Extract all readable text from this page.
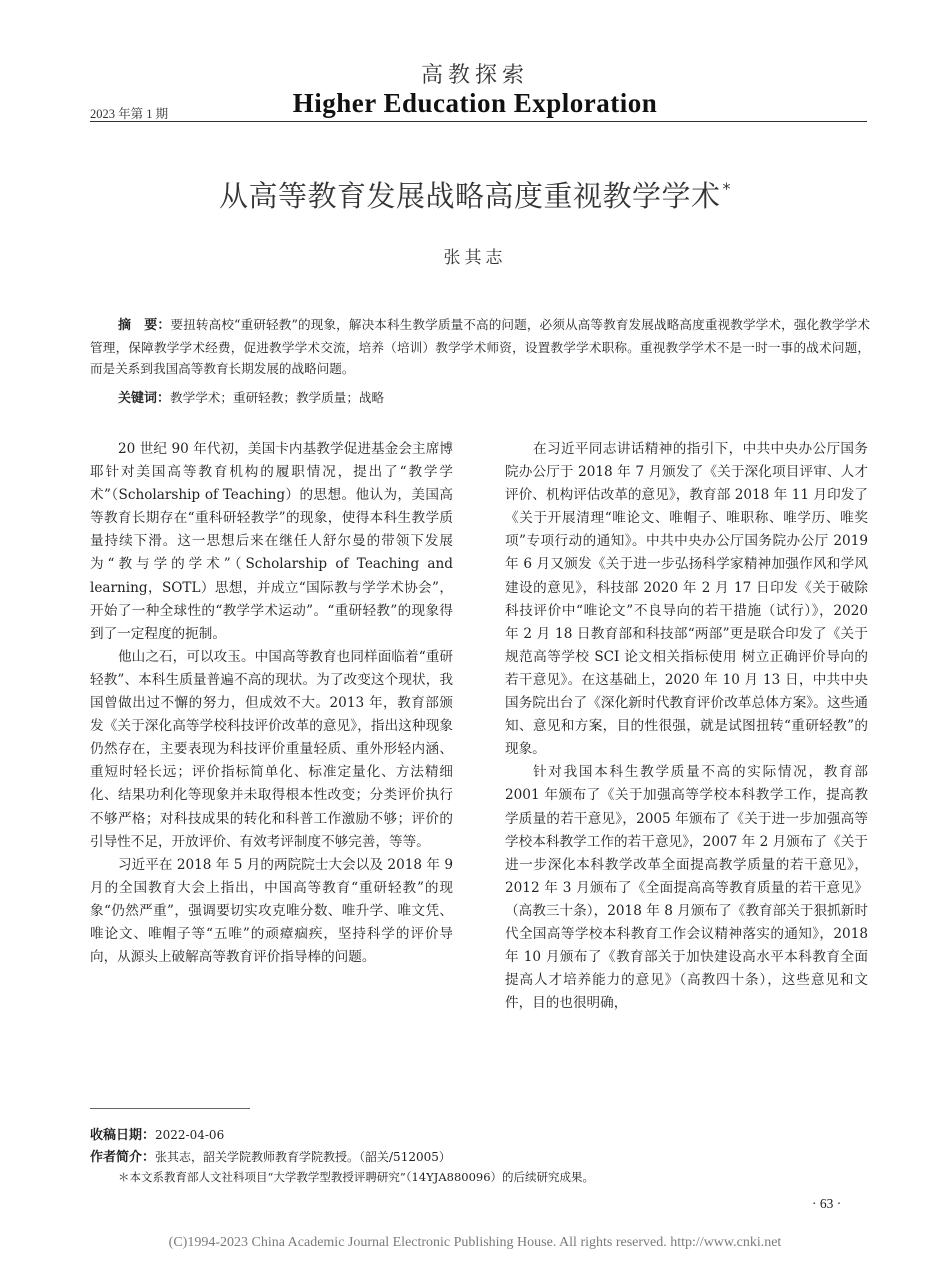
高教探索
Higher Education Exploration
2023 年第 1 期
从高等教育发展战略高度重视教学学术 *
张其志
摘　要：要扭转高校“重研轻教”的现象，解决本科生教学质量不高的问题，必须从高等教育发展战略高度重视教学学术，强化教学学术管理，保障教学学术经费，促进教学学术交流，培养（培训）教学学术师资，设置教学学术职称。重视教学学术不是一时一事的战术问题，而是关系到我国高等教育长期发展的战略问题。
关键词：教学学术；重研轻教；教学质量；战略

20 世纪 90 年代初，美国卡内基教学促进基金会主席博耶针对美国高等教育机构的履职情况，提出了“教学学术”（Scholarship of Teaching）的思想。他认为，美国高等教育长期存在“重科研轻教学”的现象，使得本科生教学质量持续下滑。这一思想后来在继任人舒尔曼的带领下发展为“教与学的学术”（Scholarship of Teaching and learning，SOTL）思想，并成立“国际教与学学术协会”，开始了一种全球性的“教学学术运动”。“重研轻教”的现象得到了一定程度的扼制。

他山之石，可以攻玉。中国高等教育也同样面临着“重研轻教”、本科生质量普遍不高的现状。为了改变这个现状，我国曾做出过不懈的努力，但成效不大。2013 年，教育部颁发《关于深化高等学校科技评价改革的意见》，指出这种现象仍然存在，主要表现为科技评价重量轻质、重外形轻内涵、重短时轻长远；评价指标简单化、标准定量化、方法精细化、结果功利化等现象并未取得根本性改变；分类评价执行不够严格；对科技成果的转化和科普工作激励不够；评价的引导性不足，开放评价、有效考评制度不够完善，等等。

习近平在 2018 年 5 月的两院院士大会以及 2018 年 9 月的全国教育大会上指出，中国高等教育“重研轻教”的现象“仍然严重”，强调要切实攻克唯分数、唯升学、唯文凭、唯论文、唯帽子等“五唯”的顽瘴痼疾，坚持科学的评价导向，从源头上破解高等教育评价指导棒的问题。

在习近平同志讲话精神的指引下，中共中央办公厅国务院办公厅于 2018 年 7 月颁发了《关于深化项目评审、人才评价、机构评估改革的意见》，教育部 2018 年 11 月印发了《关于开展清理“唯论文、唯帽子、唯职称、唯学历、唯奖项”专项行动的通知》。中共中央办公厅国务院办公厅 2019 年 6 月又颁发《关于进一步弘扬科学家精神加强作风和学风建设的意见》，科技部 2020 年 2 月 17 日印发《关于破除科技评价中“唯论文”不良导向的若干措施（试行）》，2020 年 2 月 18 日教育部和科技部“两部”更是联合印发了《关于规范高等学校 SCI 论文相关指标使用 树立正确评价导向的若干意见》。在这基础上，2020 年 10 月 13 日，中共中央国务院出台了《深化新时代教育评价改革总体方案》。这些通知、意见和方案，目的性很强，就是试图扭转“重研轻教”的现象。

针对我国本科生教学质量不高的实际情况，教育部 2001 年颁布了《关于加强高等学校本科教学工作，提高教学质量的若干意见》，2005 年颁布了《关于进一步加强高等学校本科教学工作的若干意见》，2007 年 2 月颁布了《关于进一步深化本科教学改革全面提高教学质量的若干意见》，2012 年 3 月颁布了《全面提高高等教育质量的若干意见》（高教三十条），2018 年 8 月颁布了《教育部关于狠抓新时代全国高等学校本科教育工作会议精神落实的通知》，2018 年 10 月颁布了《教育部关于加快建设高水平本科教育全面提高人才培养能力的意见》（高教四十条），这些意见和文件，目的也很明确，

收稿日期：2022-04-06
作者简介：张其志，韶关学院教师教育学院教授。（韶关/512005）
＊本文系教育部人文社科项目“大学教学型教授评聘研究”（14YJA880096）的后续研究成果。
· 63 ·
(C)1994-2023 China Academic Journal Electronic Publishing House. All rights reserved. http://www.cnki.net
